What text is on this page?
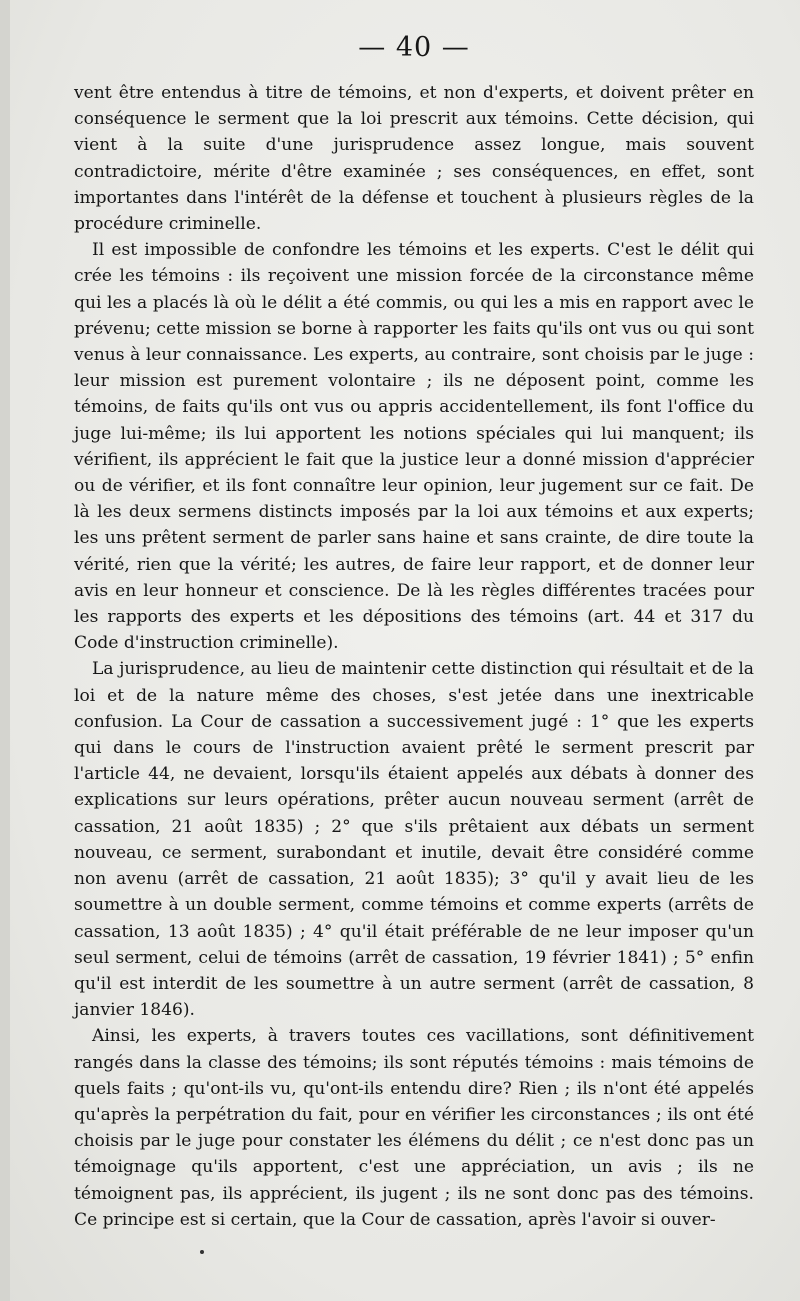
— 40 —

vent être entendus à titre de témoins, et non d'experts, et doivent prêter en conséquence le serment que la loi prescrit aux témoins. Cette décision, qui vient à la suite d'une jurisprudence assez longue, mais souvent contradictoire, mérite d'être examinée ; ses conséquences, en effet, sont importantes dans l'intérêt de la défense et touchent à plusieurs règles de la procédure criminelle.

Il est impossible de confondre les témoins et les experts. C'est le délit qui crée les témoins : ils reçoivent une mission forcée de la circonstance même qui les a placés là où le délit a été commis, ou qui les a mis en rapport avec le prévenu; cette mission se borne à rapporter les faits qu'ils ont vus ou qui sont venus à leur connaissance. Les experts, au contraire, sont choisis par le juge : leur mission est purement volontaire ; ils ne déposent point, comme les témoins, de faits qu'ils ont vus ou appris accidentellement, ils font l'office du juge lui-même; ils lui apportent les notions spéciales qui lui manquent; ils vérifient, ils apprécient le fait que la justice leur a donné mission d'apprécier ou de vérifier, et ils font connaître leur opinion, leur jugement sur ce fait. De là les deux sermens distincts imposés par la loi aux témoins et aux experts; les uns prêtent serment de parler sans haine et sans crainte, de dire toute la vérité, rien que la vérité; les autres, de faire leur rapport, et de donner leur avis en leur honneur et conscience. De là les règles différentes tracées pour les rapports des experts et les dépositions des témoins (art. 44 et 317 du Code d'instruction criminelle).

La jurisprudence, au lieu de maintenir cette distinction qui résultait et de la loi et de la nature même des choses, s'est jetée dans une inextricable confusion. La Cour de cassation a successivement jugé : 1° que les experts qui dans le cours de l'instruction avaient prêté le serment prescrit par l'article 44, ne devaient, lorsqu'ils étaient appelés aux débats à donner des explications sur leurs opérations, prêter aucun nouveau serment (arrêt de cassation, 21 août 1835) ; 2° que s'ils prêtaient aux débats un serment nouveau, ce serment, surabondant et inutile, devait être considéré comme non avenu (arrêt de cassation, 21 août 1835); 3° qu'il y avait lieu de les soumettre à un double serment, comme témoins et comme experts (arrêts de cassation, 13 août 1835) ; 4° qu'il était préférable de ne leur imposer qu'un seul serment, celui de témoins (arrêt de cassation, 19 février 1841) ; 5° enfin qu'il est interdit de les soumettre à un autre serment (arrêt de cassation, 8 janvier 1846).

Ainsi, les experts, à travers toutes ces vacillations, sont définitivement rangés dans la classe des témoins; ils sont réputés témoins : mais témoins de quels faits ; qu'ont-ils vu, qu'ont-ils entendu dire? Rien ; ils n'ont été appelés qu'après la perpétration du fait, pour en vérifier les circonstances ; ils ont été choisis par le juge pour constater les élémens du délit ; ce n'est donc pas un témoignage qu'ils apportent, c'est une appréciation, un avis ; ils ne témoignent pas, ils apprécient, ils jugent ; ils ne sont donc pas des témoins. Ce principe est si certain, que la Cour de cassation, après l'avoir si ouver-
